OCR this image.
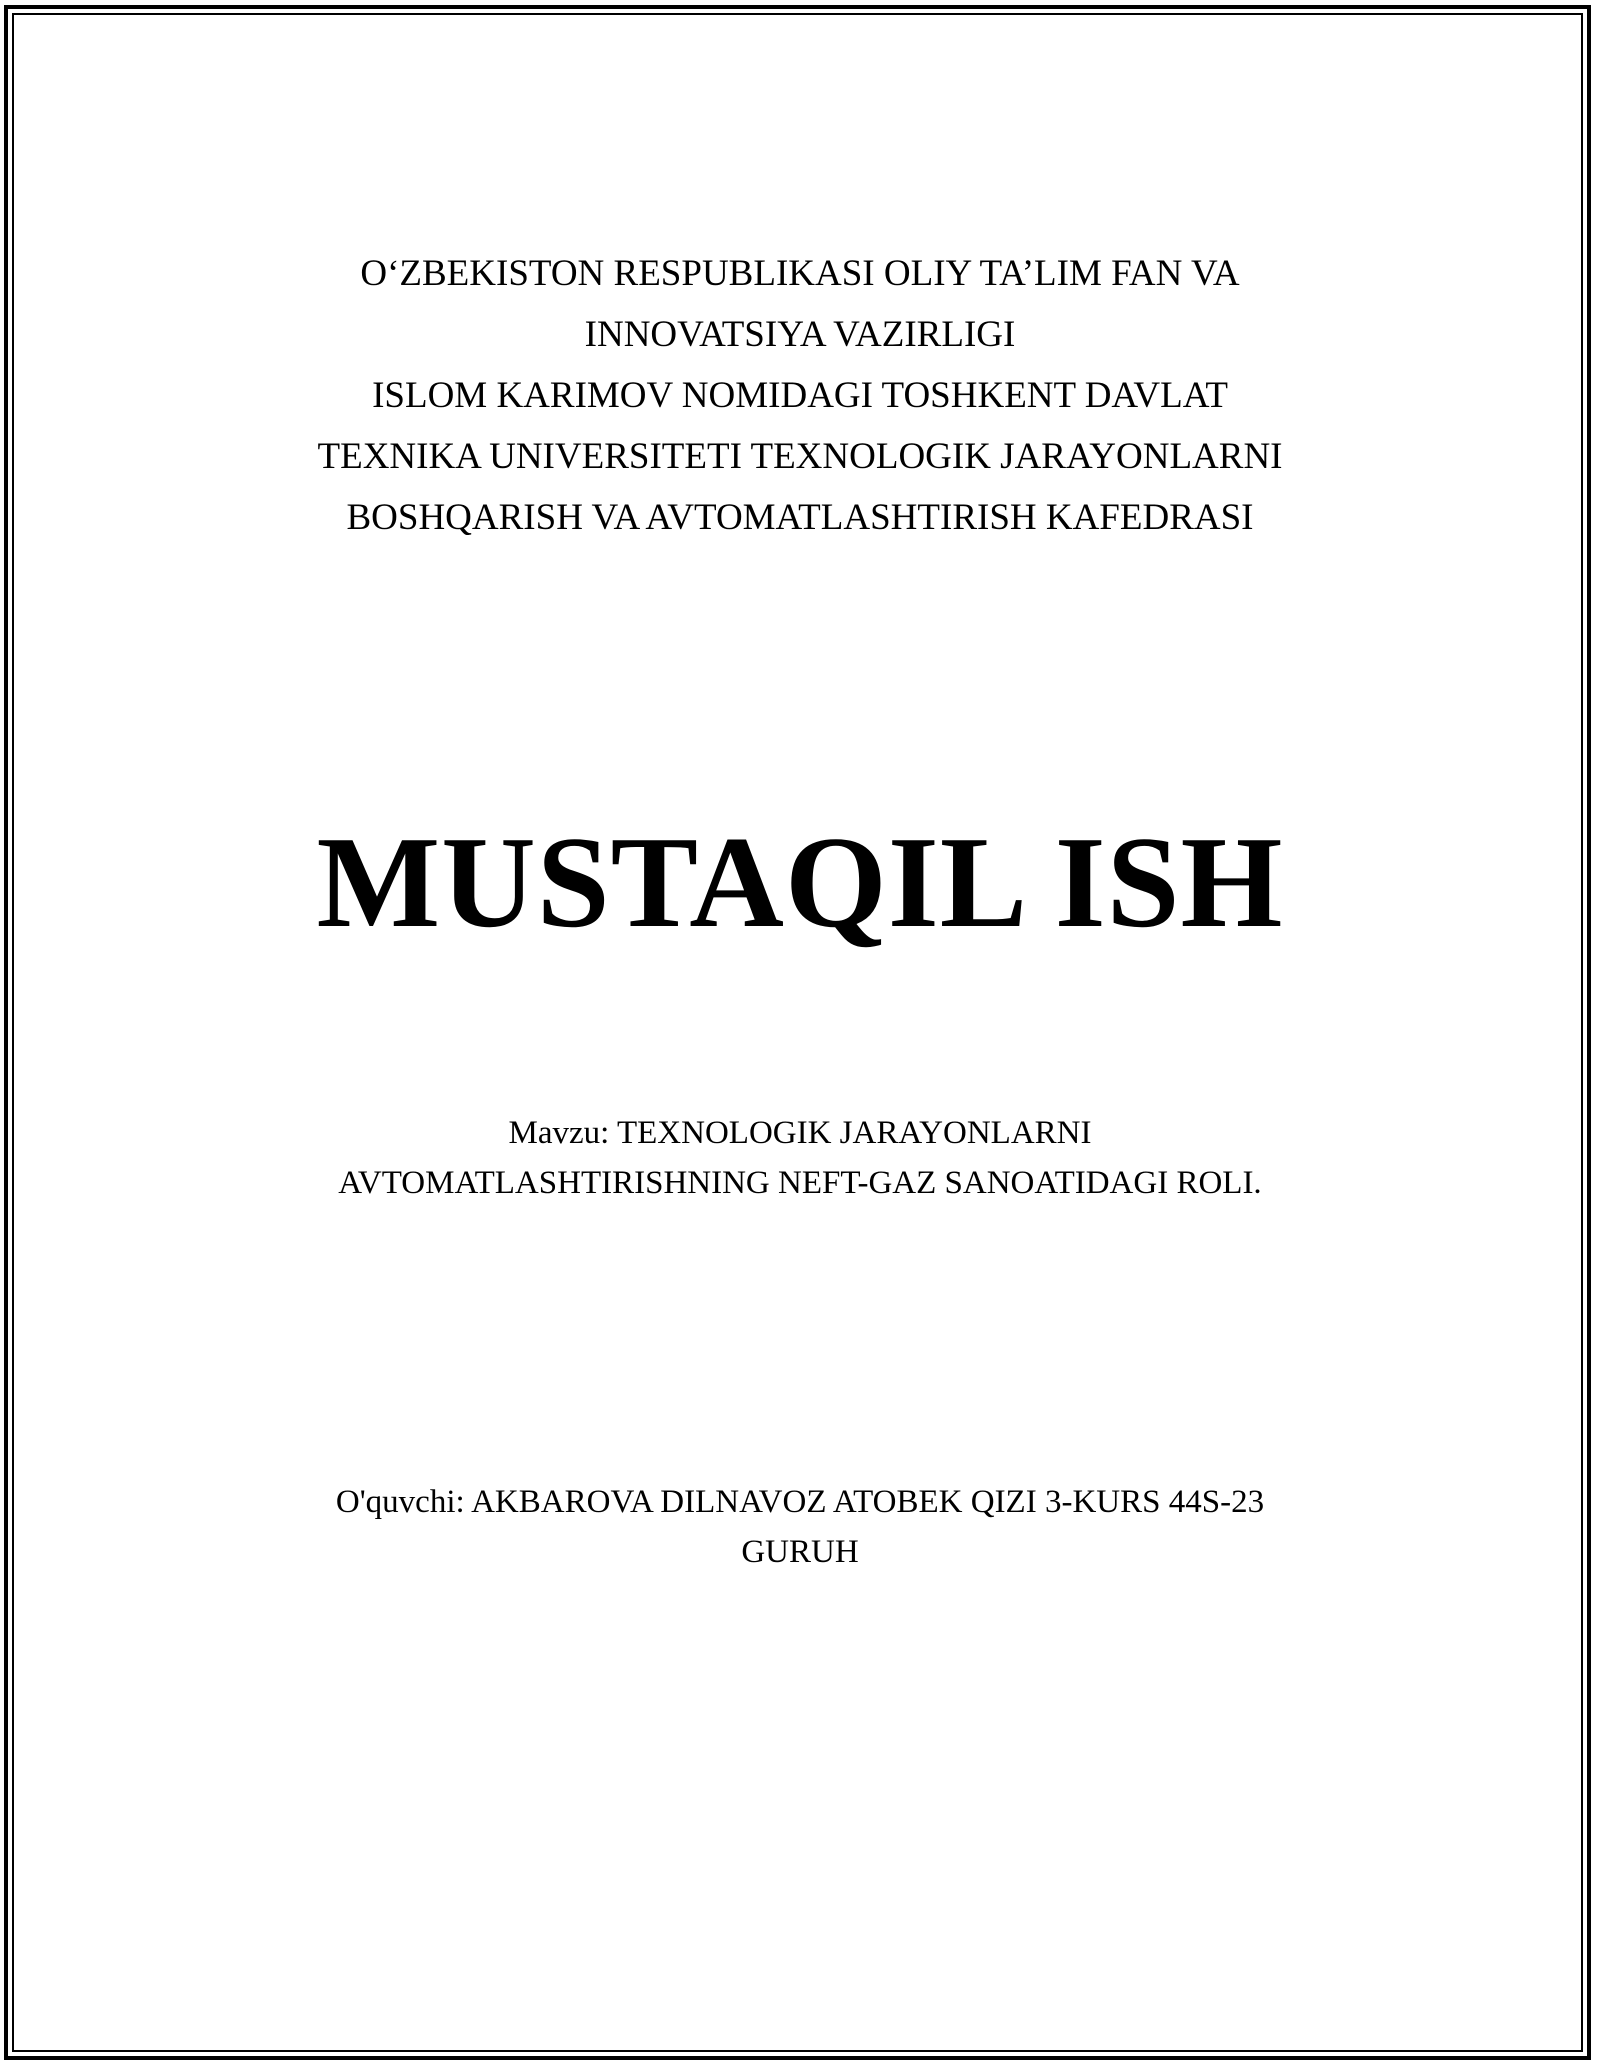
O‘ZBEKISTON RESPUBLIKASI OLIY TA’LIM FAN VA
INNOVATSIYA VAZIRLIGI
ISLOM KARIMOV NOMIDAGI TOSHKENT DAVLAT
TEXNIKA UNIVERSITETI TEXNOLOGIK JARAYONLARNI
BOSHQARISH VA AVTOMATLASHTIRISH KAFEDRASI
MUSTAQIL ISH
Mavzu: TEXNOLOGIK JARAYONLARNI
AVTOMATLASHTIRISHNING NEFT-GAZ SANOATIDAGI ROLI.
O'quvchi: AKBAROVA DILNAVOZ ATOBEK QIZI 3-KURS 44S-23
GURUH
